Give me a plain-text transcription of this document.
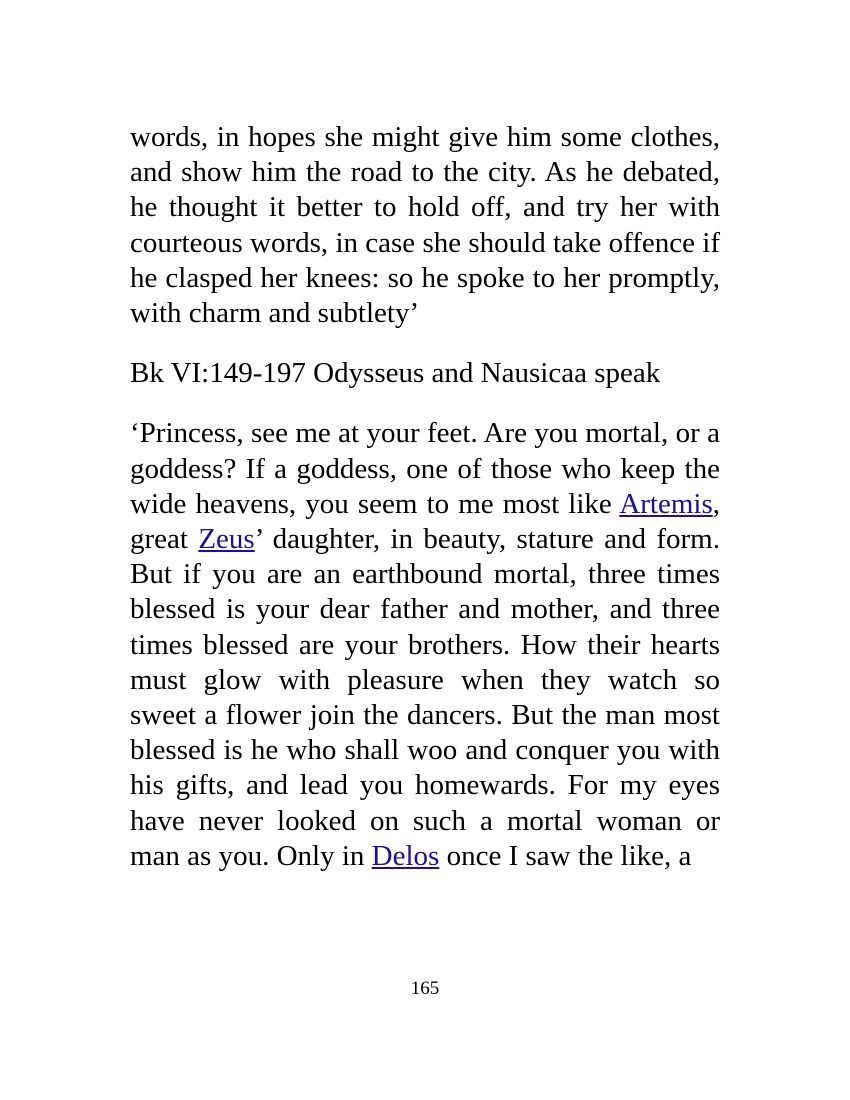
words, in hopes she might give him some clothes, and show him the road to the city. As he debated, he thought it better to hold off, and try her with courteous words, in case she should take offence if he clasped her knees: so he spoke to her promptly, with charm and subtlety’

Bk VI:149-197 Odysseus and Nausicaa speak

‘Princess, see me at your feet. Are you mortal, or a goddess? If a goddess, one of those who keep the wide heavens, you seem to me most like Artemis, great Zeus’ daughter, in beauty, stature and form. But if you are an earthbound mortal, three times blessed is your dear father and mother, and three times blessed are your brothers. How their hearts must glow with pleasure when they watch so sweet a flower join the dancers. But the man most blessed is he who shall woo and conquer you with his gifts, and lead you homewards. For my eyes have never looked on such a mortal woman or man as you. Only in Delos once I saw the like, a

165
